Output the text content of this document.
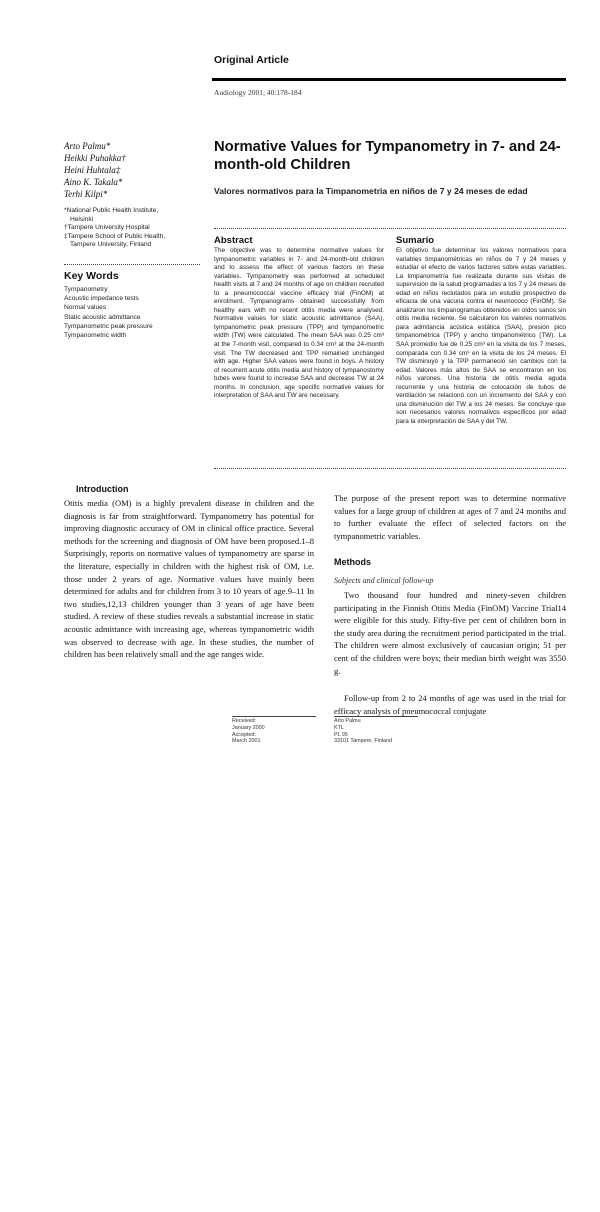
Original Article
Audiology 2001; 40:178-184
Arto Palmu*
Heikki Puhakka†
Heini Huhtala‡
Aino K. Takala*
Terhi Kilpi*
*National Public Health Institute,
Helsinki
†Tampere University Hospital
‡Tampere School of Public Health,
Tampere University, Finland
Key Words
Tympanometry
Acoustic impedance tests
Normal values
Static acoustic admittance
Tympanometric peak pressure
Tympanometric width
Normative Values for Tympanometry in 7- and 24-month-old Children
Valores normativos para la Timpanometria en niños de 7 y 24 meses de edad
Abstract
The objective was to determine normative values for tympanometric variables in 7- and 24-month-old children and to assess the effect of various factors on these variables. Tympanometry was performed at scheduled health visits at 7 and 24 months of age on children recruited to a pneumococcal vaccine efficacy trial (FinOM) at enrolment. Tympanograms obtained successfully from healthy ears with no recent otitis media were analysed. Normative values for static acoustic admittance (SAA), tympanometric peak pressure (TPP) and tympanometric width (TW) were calculated. The mean SAA was 0.25 cm³ at the 7-month visit, compared to 0.34 cm³ at the 24-month visit. The TW decreased and TPP remained unchanged with age. Higher SAA values were found in boys. A history of recurrent acute otitis media and history of tympanostomy tubes were found to increase SAA and decrease TW at 24 months. In conclusion, age specific normative values for interpretation of SAA and TW are necessary.
Sumario
El objetivo fue determinar los valores normativos para variables timpanométricas en niños de 7 y 24 meses y estudiar el efecto de varios factores sobre estas variables. La timpanometría fue realizada durante sus visitas de supervisión de la salud programadas a los 7 y 24 meses de edad en niños reclutados para un estudio prospectivo de eficacia de una vacuna contra el neumococo (FinOM). Se analizaron los timpanogramas obtenidos en oídos sanos sin otitis media reciente. Se calcularon los valores normativos para admitancia acústica estática (SAA), presión pico timpanométrica (TPP) y ancho timpanométrico (TW). La SAA promedio fue de 0.25 cm³ en la visita de los 7 meses, comparada con 0.34 cm³ en la visita de los 24 meses. El TW disminuyó y la TPP permaneció sin cambios con la edad. Valores más altos de SAA se encontraron en los niños varones. Una historia de otitis media aguda recurrente y una historia de colocación de tubos de ventilación se relacionó con un incremento del SAA y con una disminución del TW a los 24 meses. Se concluye que son necesarios valores normativos específicos por edad para la interpretación de SAA y del TW.
Introduction
Otitis media (OM) is a highly prevalent disease in children and the diagnosis is far from straightforward. Tympanometry has potential for improving diagnostic accuracy of OM in clinical office practice. Several methods for the screening and diagnosis of OM have been proposed.1–8 Surprisingly, reports on normative values of tympanometry are sparse in the literature, especially in children with the highest risk of OM, i.e. those under 2 years of age. Normative values have mainly been determined for adults and for children from 3 to 10 years of age.9–11 In two studies,12,13 children younger than 3 years of age have been studied. A review of these studies reveals a substantial increase in static acoustic admittance with increasing age, whereas tympanometric width was observed to decrease with age. In these studies, the number of children has been relatively small and the age ranges wide.
The purpose of the present report was to determine normative values for a large group of children at ages of 7 and 24 months and to further evaluate the effect of selected factors on the tympanometric variables.
Methods
Subjects and clinical follow-up
Two thousand four hundred and ninety-seven children participating in the Finnish Otitis Media (FinOM) Vaccine Trial14 were eligible for this study. Fifty-five per cent of children born in the study area during the recruitment period participated in the trial. The children were almost exclusively of caucasian origin; 51 per cent of the children were boys; their median birth weight was 3550 g.
Follow-up from 2 to 24 months of age was used in the trial for efficacy analysis of pneumococcal conjugate
Received:
January 2000
Accepted:
March 2001
Arto Palmu
KTL
PL 95
33101 Tampere, Finland
